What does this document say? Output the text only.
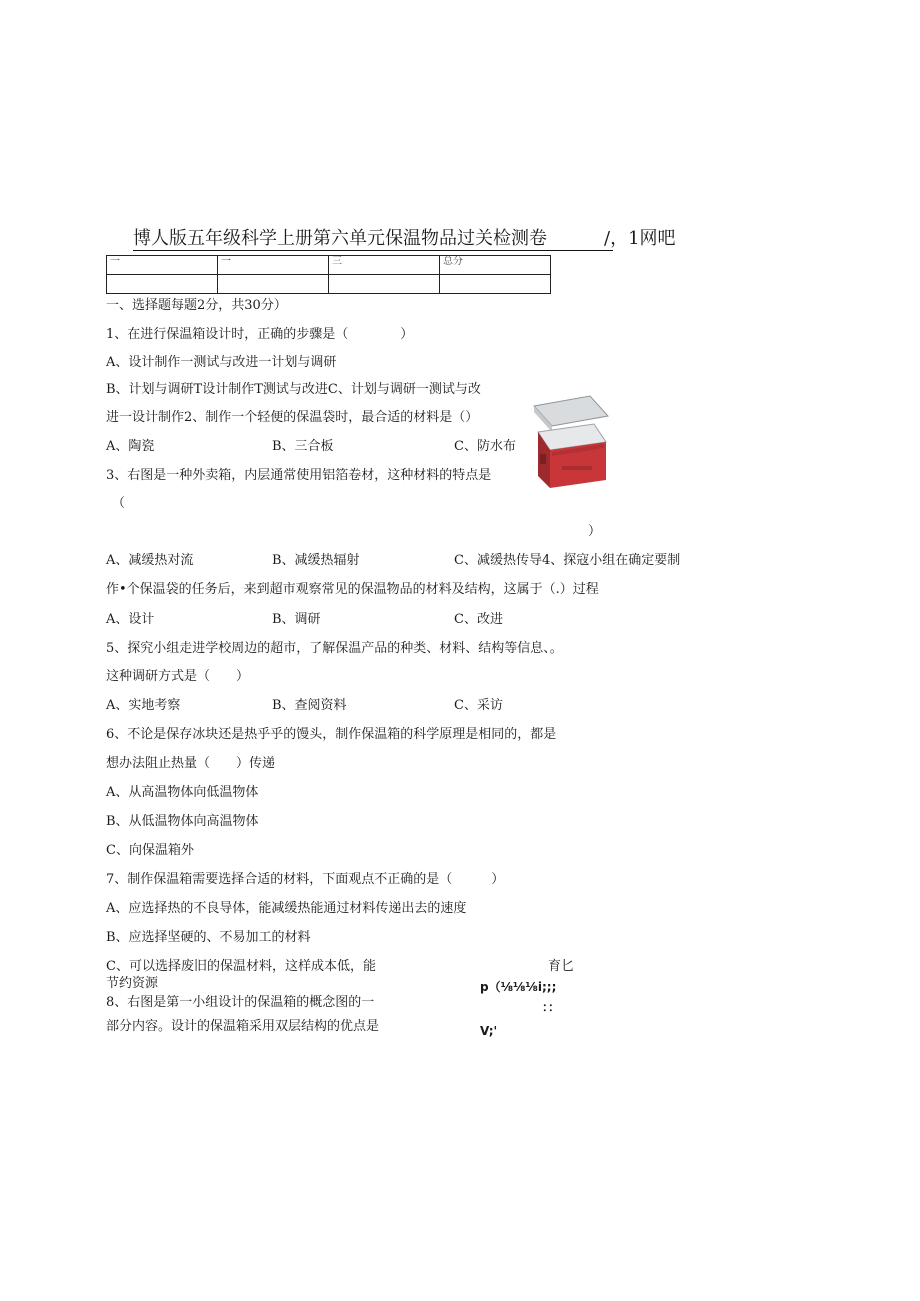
博人版五年级科学上册第六单元保温物品过关检测卷	/，1网吧
一	一	三	总分

一、选择题每题2分，共30分）
1、在进行保温箱设计时，正确的步骤是（　　　　）
A、设计制作一测试与改进一计划与调研
B、计划与调研T设计制作T测试与改进C、计划与调研一测试与改
进一设计制作2、制作一个轻便的保温袋时，最合适的材料是（）
A、陶瓷	B、三合板	C、防水布
3、右图是一种外卖箱，内层通常使用铝箔卷材，这种材料的特点是
（
）
A、减缓热对流	B、减缓热辐射	C、减缓热传导4、探寇小组在确定要制
作•个保温袋的任务后，来到超市观察常见的保温物品的材料及结构，这属于（.）过程
A、设计	B、调研	C、改进
5、探究小组走进学校周边的超市，了解保温产品的种类、材料、结构等信息、。
这种调研方式是（　　）
A、实地考察	B、查阅资料	C、采访
6、不论是保存冰块还是热乎乎的馒头，制作保温箱的科学原理是相同的，都是
想办法阻止热量（　　）传递
A、从高温物体向低温物体
B、从低温物体向高温物体
C、向保温箱外
7、制作保温箱需要选择合适的材料，下面观点不正确的是（　　　）
A、应选择热的不良导体，能减缓热能通过材料传递出去的速度
B、应选择坚硬的、不易加工的材料
C、可以选择废旧的保温材料，这样成本低，能
节约资源
8、右图是第一小组设计的保温箱的概念图的一
部分内容。设计的保温箱采用双层结构的优点是
育匕
p（⅛⅛⅛i;;;
：：
V;'
